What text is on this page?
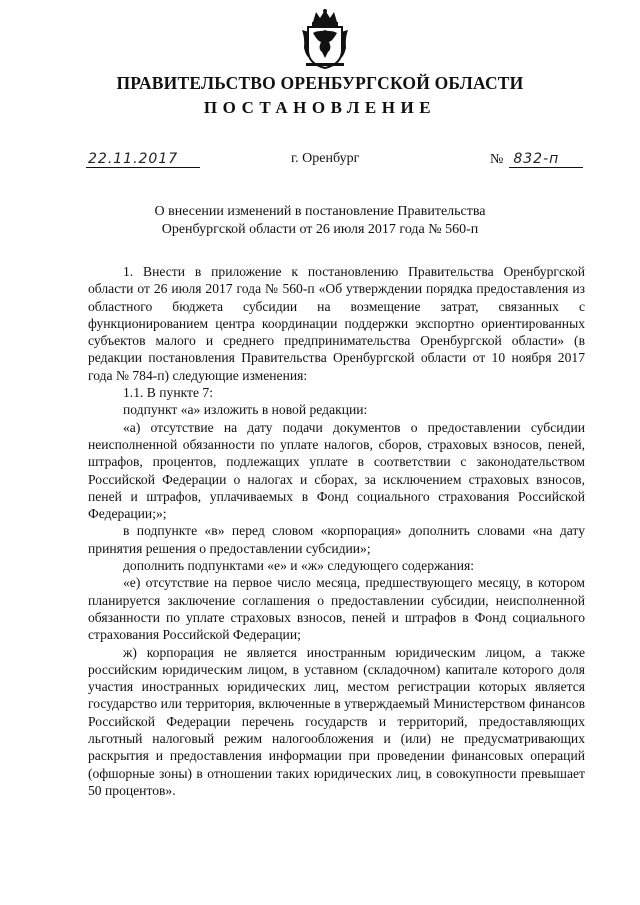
ПРАВИТЕЛЬСТВО ОРЕНБУРГСКОЙ ОБЛАСТИ
ПОСТАНОВЛЕНИЕ
22.11.2017	г. Оренбург	№ 832-п
О внесении изменений в постановление Правительства
Оренбургской области от 26 июля 2017 года № 560-п

1. Внести в приложение к постановлению Правительства Оренбургской области от 26 июля 2017 года № 560-п «Об утверждении порядка предоставления из областного бюджета субсидии на возмещение затрат, связанных с функционированием центра координации поддержки экспортно ориентированных субъектов малого и среднего предпринимательства Оренбургской области» (в редакции постановления Правительства Оренбургской области от 10 ноября 2017 года № 784-п) следующие изменения:

1.1. В пункте 7:

подпункт «а» изложить в новой редакции:

«а) отсутствие на дату подачи документов о предоставлении субсидии неисполненной обязанности по уплате налогов, сборов, страховых взносов, пеней, штрафов, процентов, подлежащих уплате в соответствии с законодательством Российской Федерации о налогах и сборах, за исключением страховых взносов, пеней и штрафов, уплачиваемых в Фонд социального страхования Российской Федерации;»;

в подпункте «в» перед словом «корпорация» дополнить словами «на дату принятия решения о предоставлении субсидии»;

дополнить подпунктами «е» и «ж» следующего содержания:

«е) отсутствие на первое число месяца, предшествующего месяцу, в котором планируется заключение соглашения о предоставлении субсидии, неисполненной обязанности по уплате страховых взносов, пеней и штрафов в Фонд социального страхования Российской Федерации;

ж) корпорация не является иностранным юридическим лицом, а также российским юридическим лицом, в уставном (складочном) капитале которого доля участия иностранных юридических лиц, местом регистрации которых является государство или территория, включенные в утверждаемый Министерством финансов Российской Федерации перечень государств и территорий, предоставляющих льготный налоговый режим налогообложения и (или) не предусматривающих раскрытия и предоставления информации при проведении финансовых операций (офшорные зоны) в отношении таких юридических лиц, в совокупности превышает 50 процентов».
